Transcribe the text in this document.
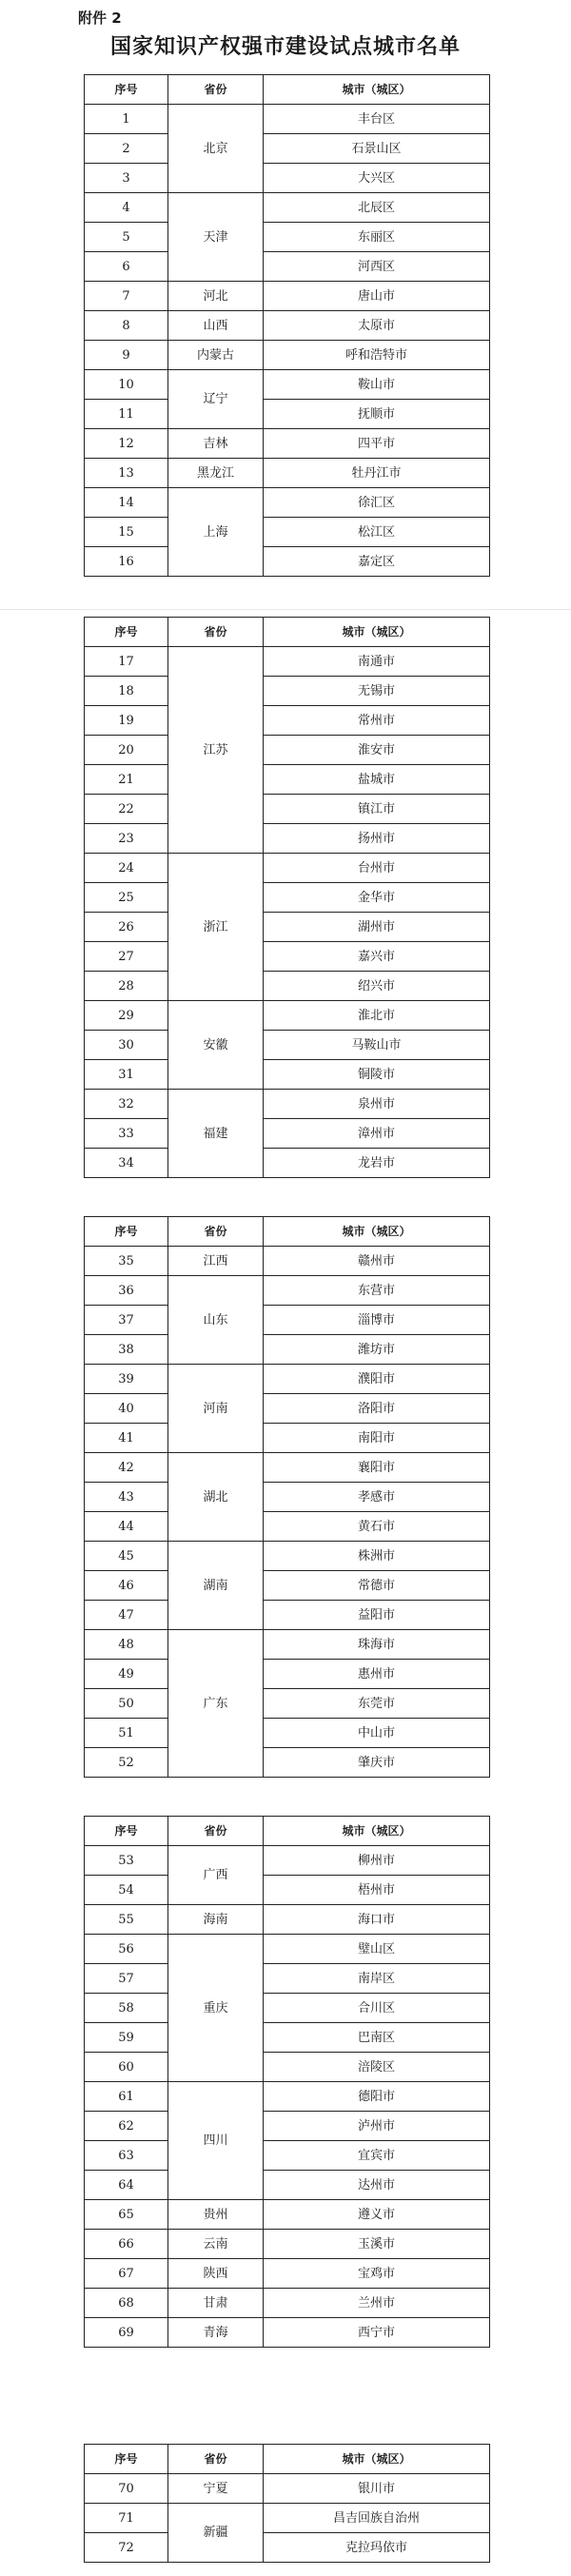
附件 2
国家知识产权强市建设试点城市名单
序号	省份	城市（城区）
1	北京	丰台区
2		石景山区
3		大兴区
4	天津	北辰区
5		东丽区
6		河西区
7	河北	唐山市
8	山西	太原市
9	内蒙古	呼和浩特市
10	辽宁	鞍山市
11		抚顺市
12	吉林	四平市
13	黑龙江	牡丹江市
14	上海	徐汇区
15		松江区
16		嘉定区
序号	省份	城市（城区）
17	江苏	南通市
18		无锡市
19		常州市
20		淮安市
21		盐城市
22		镇江市
23		扬州市
24	浙江	台州市
25		金华市
26		湖州市
27		嘉兴市
28		绍兴市
29	安徽	淮北市
30		马鞍山市
31		铜陵市
32	福建	泉州市
33		漳州市
34		龙岩市
序号	省份	城市（城区）
35	江西	赣州市
36	山东	东营市
37		淄博市
38		潍坊市
39	河南	濮阳市
40		洛阳市
41		南阳市
42	湖北	襄阳市
43		孝感市
44		黄石市
45	湖南	株洲市
46		常德市
47		益阳市
48	广东	珠海市
49		惠州市
50		东莞市
51		中山市
52		肇庆市
序号	省份	城市（城区）
53	广西	柳州市
54		梧州市
55	海南	海口市
56	重庆	璧山区
57		南岸区
58		合川区
59		巴南区
60		涪陵区
61	四川	德阳市
62		泸州市
63		宜宾市
64		达州市
65	贵州	遵义市
66	云南	玉溪市
67	陕西	宝鸡市
68	甘肃	兰州市
69	青海	西宁市
序号	省份	城市（城区）
70	宁夏	银川市
71	新疆	昌吉回族自治州
72		克拉玛依市
